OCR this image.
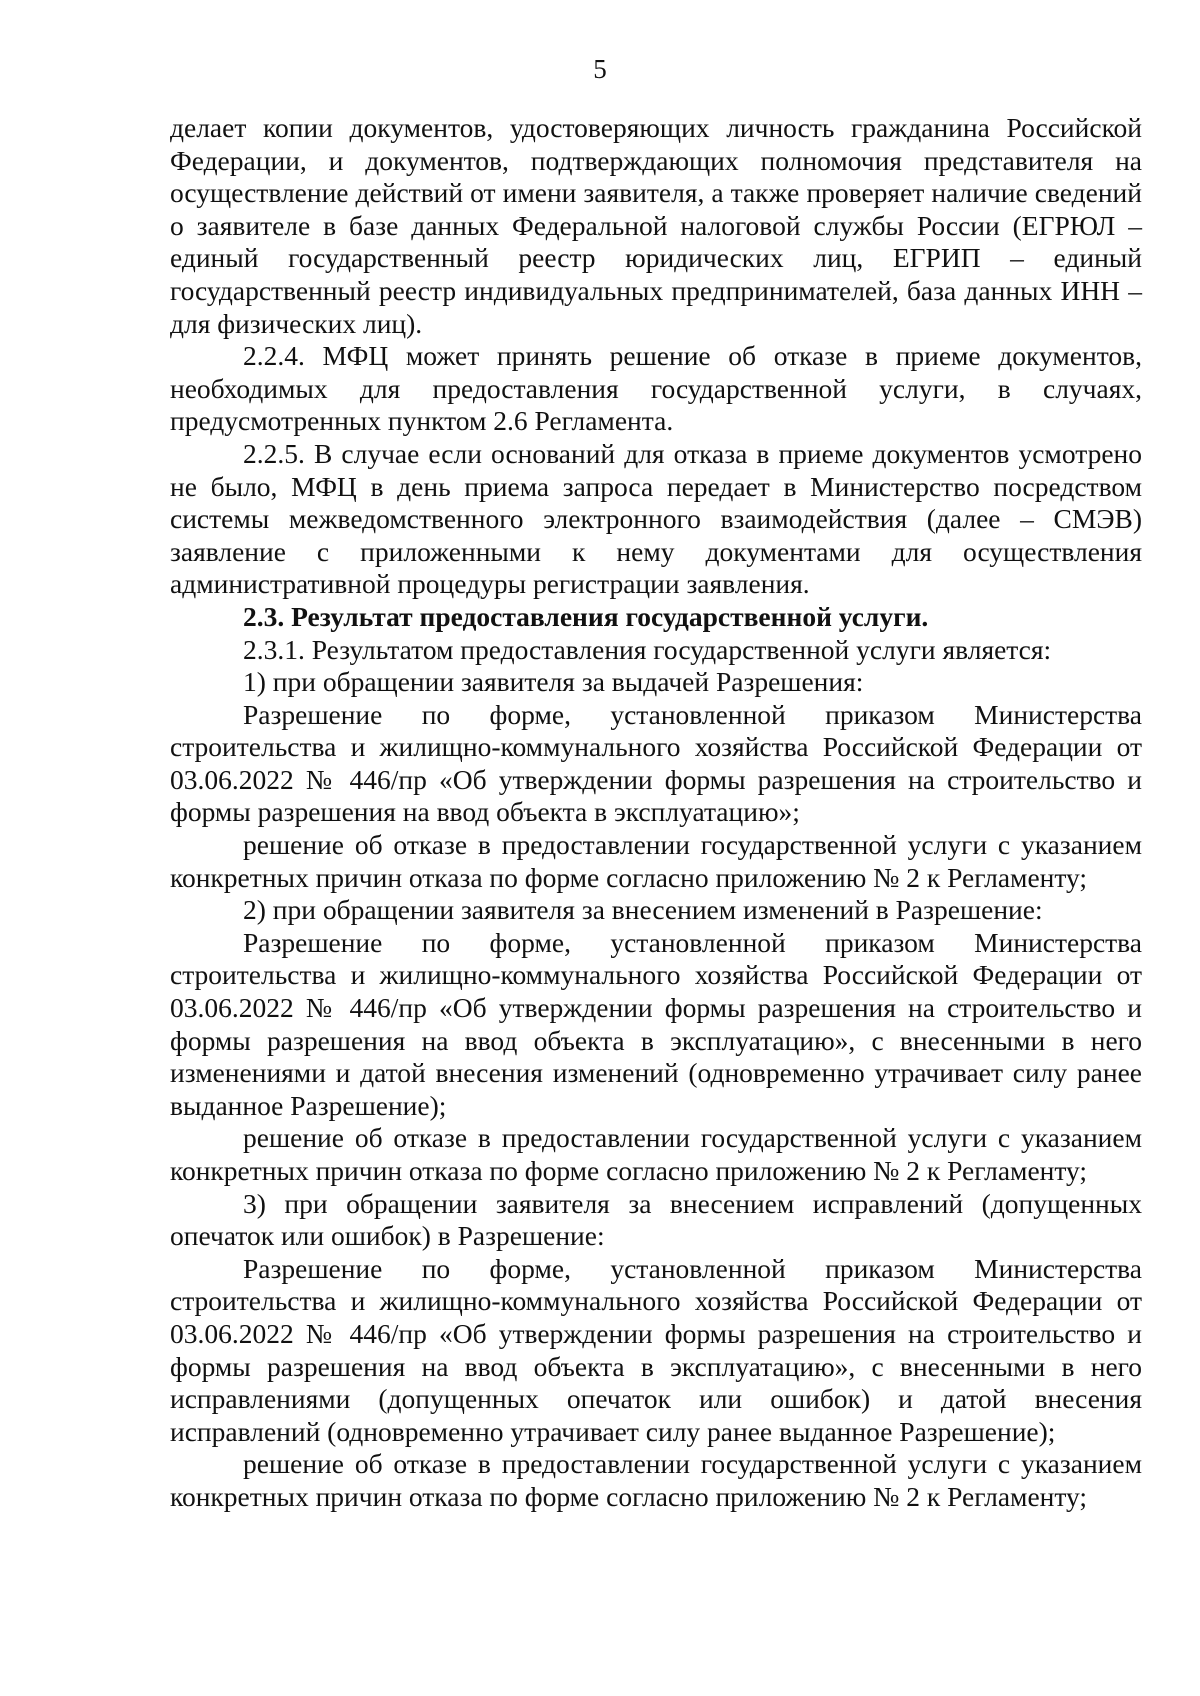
5

делает копии документов, удостоверяющих личность гражданина Российской Федерации, и документов, подтверждающих полномочия представителя на осуществление действий от имени заявителя, а также проверяет наличие сведений о заявителе в базе данных Федеральной налоговой службы России (ЕГРЮЛ – единый государственный реестр юридических лиц, ЕГРИП – единый государственный реестр индивидуальных предпринимателей, база данных ИНН – для физических лиц).

2.2.4. МФЦ может принять решение об отказе в приеме документов, необходимых для предоставления государственной услуги, в случаях, предусмотренных пунктом 2.6 Регламента.

2.2.5. В случае если оснований для отказа в приеме документов усмотрено не было, МФЦ в день приема запроса передает в Министерство посредством системы межведомственного электронного взаимодействия (далее – СМЭВ) заявление с приложенными к нему документами для осуществления административной процедуры регистрации заявления.

2.3. Результат предоставления государственной услуги.

2.3.1. Результатом предоставления государственной услуги является:

1) при обращении заявителя за выдачей Разрешения:

Разрешение по форме, установленной приказом Министерства строительства и жилищно-коммунального хозяйства Российской Федерации от 03.06.2022 № 446/пр «Об утверждении формы разрешения на строительство и формы разрешения на ввод объекта в эксплуатацию»;

решение об отказе в предоставлении государственной услуги с указанием конкретных причин отказа по форме согласно приложению № 2 к Регламенту;

2) при обращении заявителя за внесением изменений в Разрешение:

Разрешение по форме, установленной приказом Министерства строительства и жилищно-коммунального хозяйства Российской Федерации от 03.06.2022 № 446/пр «Об утверждении формы разрешения на строительство и формы разрешения на ввод объекта в эксплуатацию», с внесенными в него изменениями и датой внесения изменений (одновременно утрачивает силу ранее выданное Разрешение);

решение об отказе в предоставлении государственной услуги с указанием конкретных причин отказа по форме согласно приложению № 2 к Регламенту;

3) при обращении заявителя за внесением исправлений (допущенных опечаток или ошибок) в Разрешение:

Разрешение по форме, установленной приказом Министерства строительства и жилищно-коммунального хозяйства Российской Федерации от 03.06.2022 № 446/пр «Об утверждении формы разрешения на строительство и формы разрешения на ввод объекта в эксплуатацию», с внесенными в него исправлениями (допущенных опечаток или ошибок) и датой внесения исправлений (одновременно утрачивает силу ранее выданное Разрешение);

решение об отказе в предоставлении государственной услуги с указанием конкретных причин отказа по форме согласно приложению № 2 к Регламенту;
